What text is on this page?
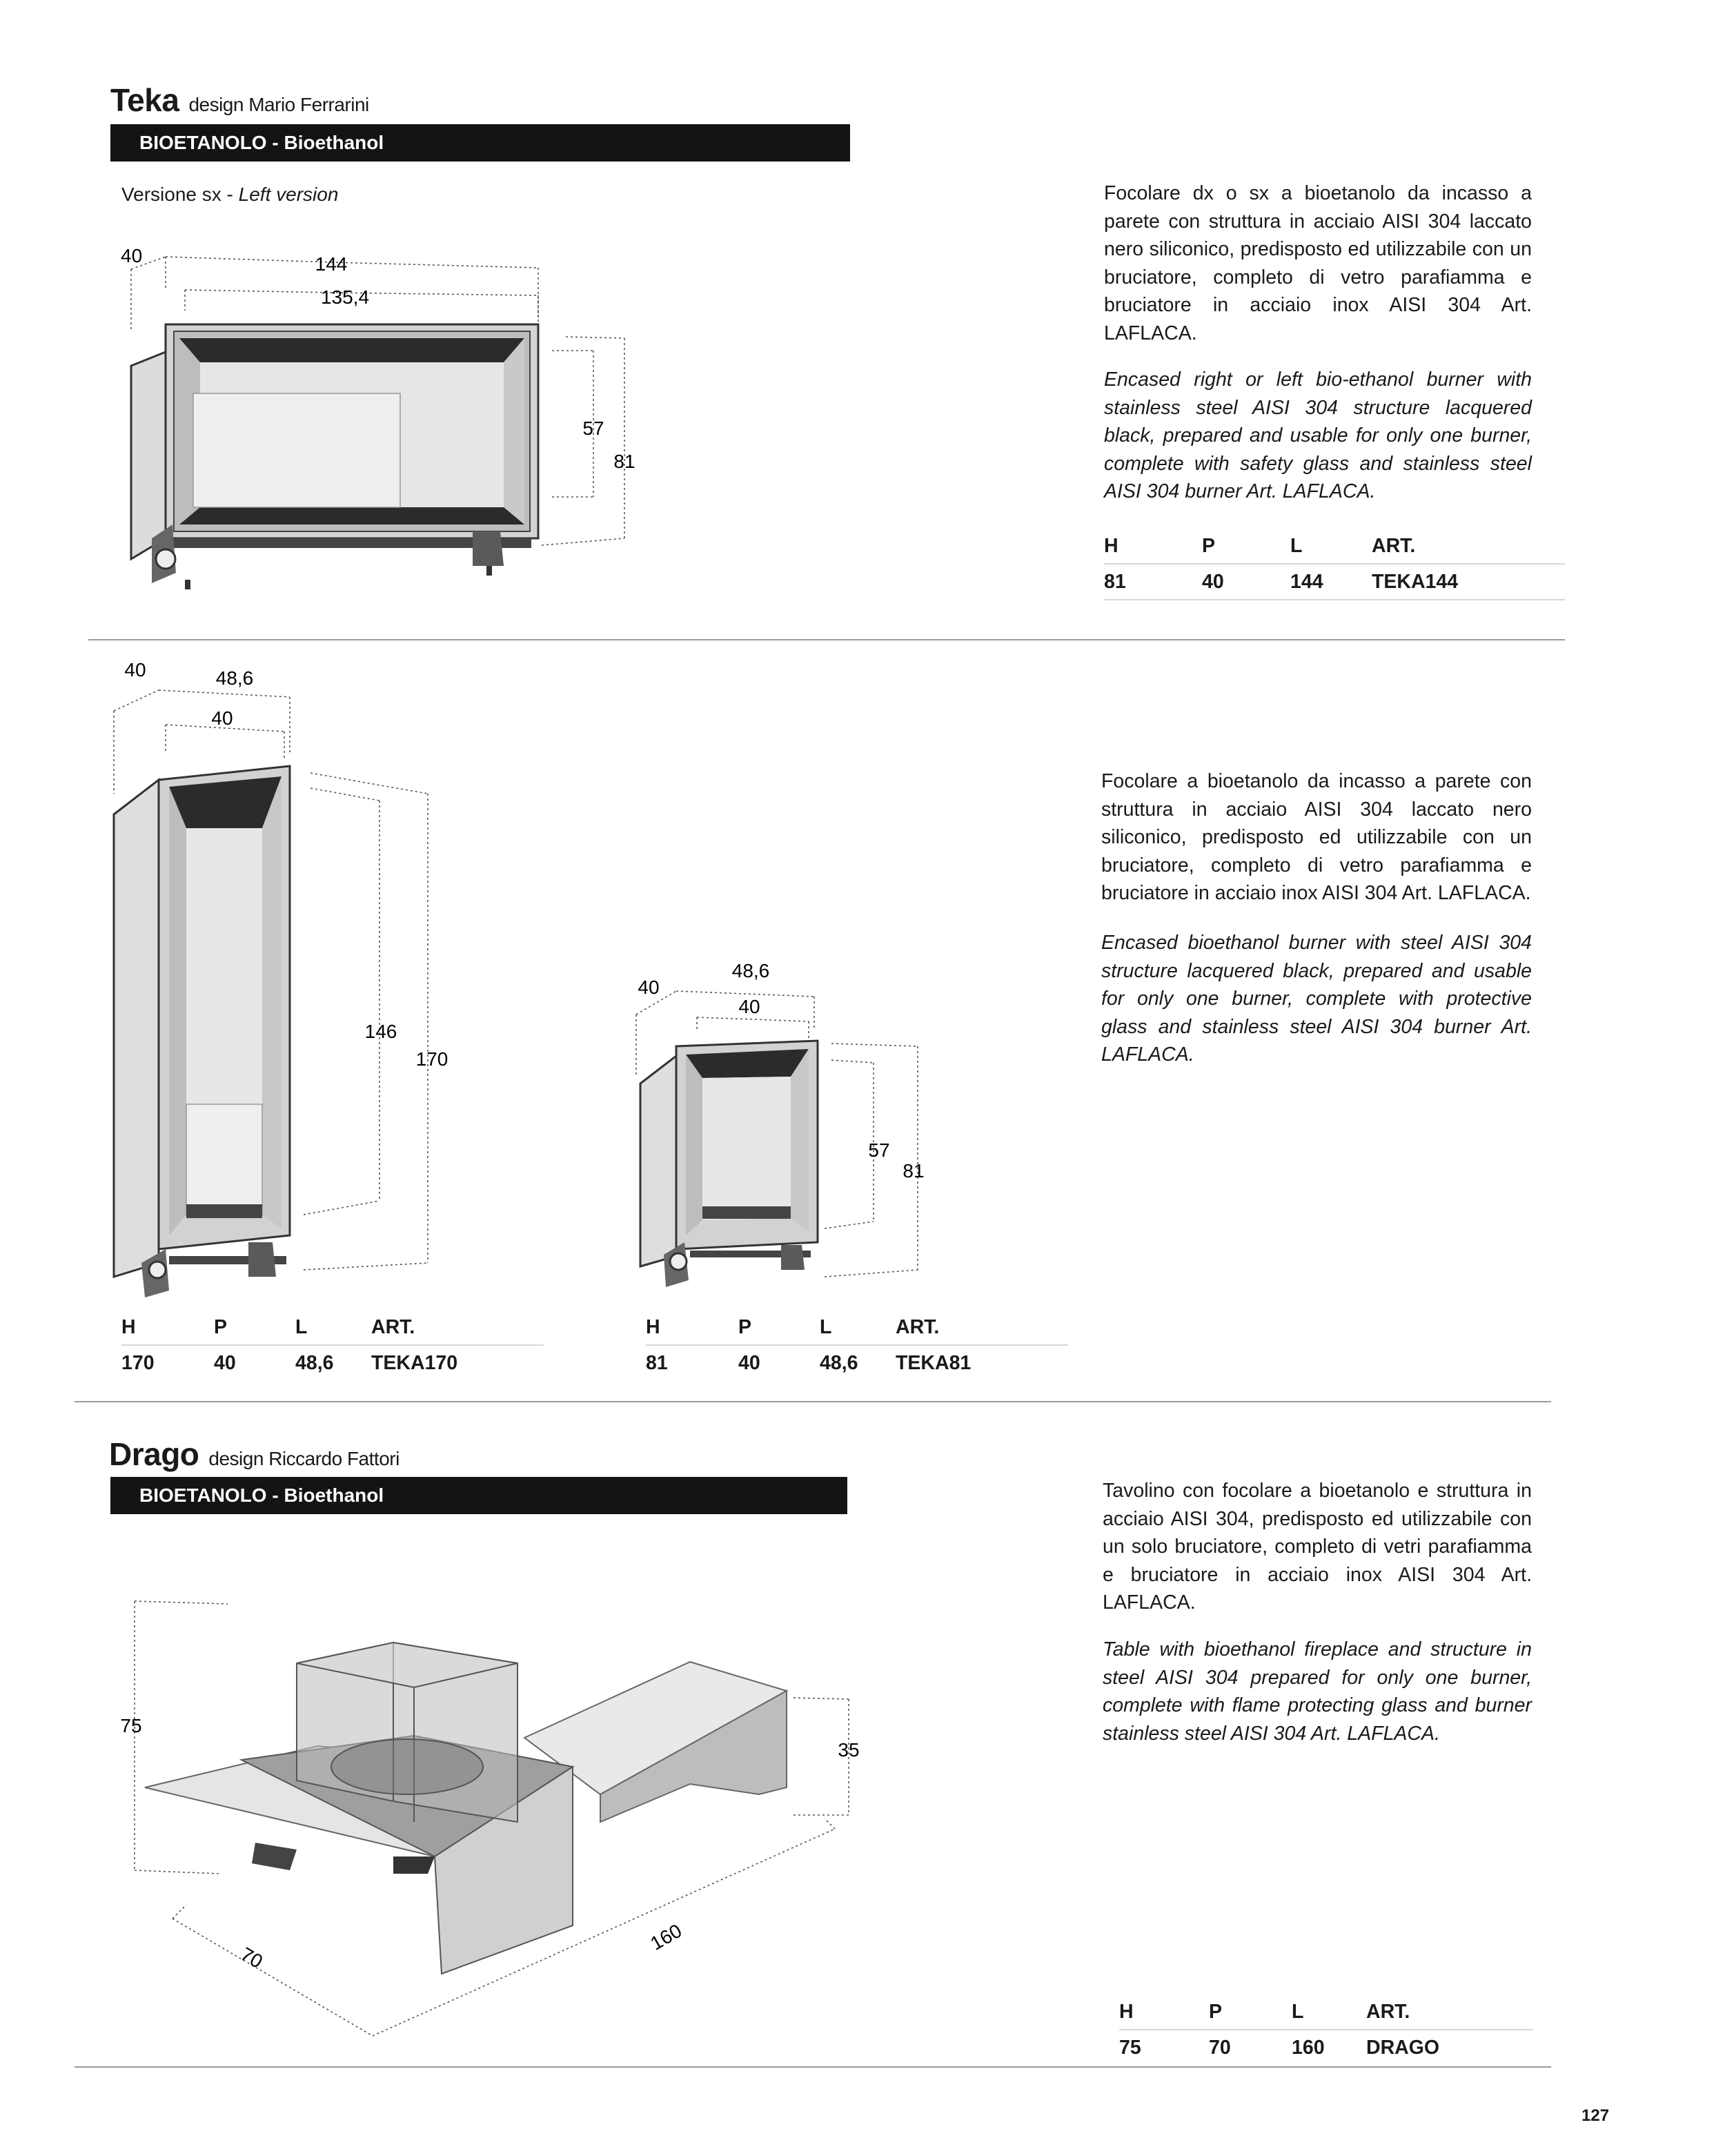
Teka design Mario Ferrarini
BIOETANOLO - Bioethanol
Versione sx - Left version
40	144
135,4
57
81
Focolare dx o sx a bioetanolo da incasso a parete con struttura in acciaio AISI 304 laccato nero siliconico, predisposto ed utilizzabile con un bruciatore, completo di vetro parafiamma e bruciatore in acciaio inox AISI 304 Art. LAFLACA.
Encased right or left bio-ethanol burner with stainless steel AISI 304 structure lacquered black, prepared and usable for only one burner, complete with safety glass and stainless steel AISI 304 burner Art. LAFLACA.
H	P	L	ART.
81	40	144	TEKA144
40	48,6
40
146
170
40
48,6
40
57
81
Focolare a bioetanolo da incasso a parete con struttura in acciaio AISI 304 laccato nero siliconico, predisposto ed utilizzabile con un bruciatore, completo di vetro parafiamma e bruciatore in acciaio inox AISI 304 Art. LAFLACA.
Encased bioethanol burner with steel AISI 304 structure lacquered black, prepared and usable for only one burner, complete with protective glass and stainless steel AISI 304 burner Art. LAFLACA.
H	P	L	ART.
170	40	48,6	TEKA170
H	P	L	ART.
81	40	48,6	TEKA81
Drago design Riccardo Fattori
BIOETANOLO - Bioethanol
75
35
70
160
Tavolino con focolare a bioetanolo e struttura in acciaio AISI 304, predisposto ed utilizzabile con un solo bruciatore, completo di vetri parafiamma e bruciatore in acciaio inox AISI 304 Art. LAFLACA.
Table with bioethanol fireplace and structure in steel AISI 304 prepared for only one burner, complete with flame protecting glass and burner stainless steel AISI 304 Art. LAFLACA.
H	P	L	ART.
75	70	160	DRAGO
127
